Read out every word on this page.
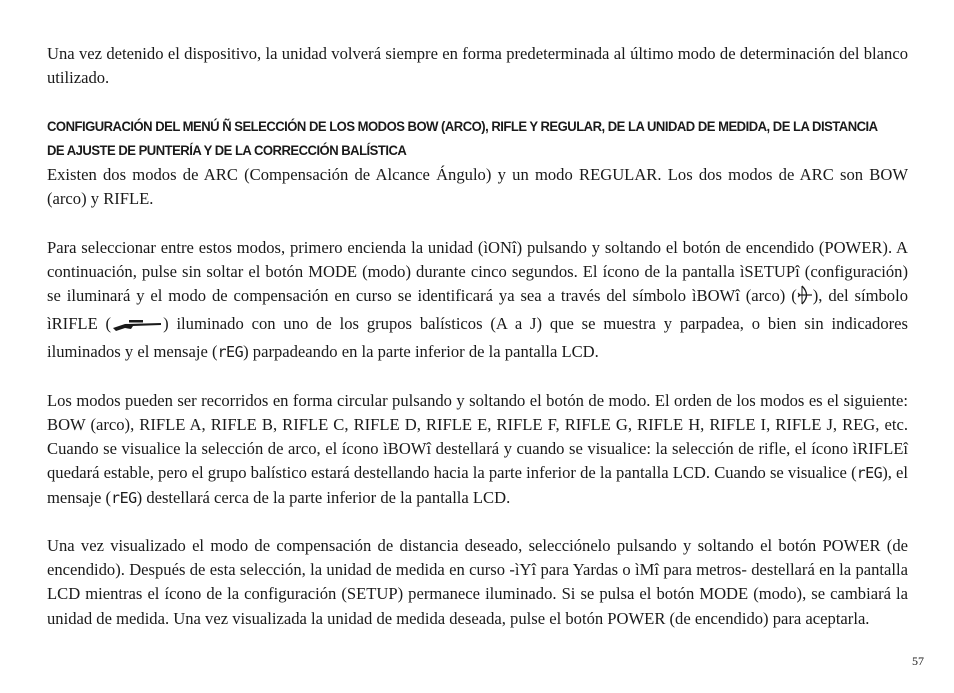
Una vez detenido el dispositivo, la unidad volverá siempre en forma predeterminada al último modo de determinación del blanco utilizado.

CONFIGURACIÓN DEL MENÚ Ñ SELECCIÓN DE LOS MODOS BOW (ARCO), RIFLE Y REGULAR, DE LA UNIDAD DE MEDIDA, DE LA DISTANCIA
DE AJUSTE DE PUNTERÍA Y DE LA CORRECCIÓN BALÍSTICA

Existen dos modos de ARC (Compensación de Alcance Ángulo) y un modo REGULAR. Los dos modos de ARC son BOW (arco) y RIFLE.

Para seleccionar entre estos modos, primero encienda la unidad (ìONî) pulsando y soltando el botón de encendido (POWER). A continuación, pulse sin soltar el botón MODE (modo) durante cinco segundos. El ícono de la pantalla ìSETUPî (configuración) se iluminará y el modo de compensación en curso se identificará ya sea a través del símbolo ìBOWî (arco) ( ), del símbolo ìRIFLE (	) iluminado con uno de los grupos balísticos (A a J) que se muestra y parpadea, o bien sin indicadores iluminados y el mensaje (rEG) parpadeando en la parte inferior de la pantalla LCD.

Los modos pueden ser recorridos en forma circular pulsando y soltando el botón de modo. El orden de los modos es el siguiente: BOW (arco), RIFLE A, RIFLE B, RIFLE C, RIFLE D, RIFLE E, RIFLE F, RIFLE G, RIFLE H, RIFLE I, RIFLE J, REG, etc. Cuando se visualice la selección de arco, el ícono ìBOWî destellará y cuando se visualice: la selección de rifle, el ícono ìRIFLEî quedará estable, pero el grupo balístico estará destellando hacia la parte inferior de la pantalla LCD. Cuando se visualice (rEG), el mensaje (rEG) destellará cerca de la parte inferior de la pantalla LCD.

Una vez visualizado el modo de compensación de distancia deseado, selecciónelo pulsando y soltando el botón POWER (de encendido). Después de esta selección, la unidad de medida en curso -ìYî para Yardas o ìMî para metros- destellará en la pantalla LCD mientras el ícono de la configuración (SETUP) permanece iluminado. Si se pulsa el botón MODE (modo), se cambiará la unidad de medida. Una vez visualizada la unidad de medida deseada, pulse el botón POWER (de encendido) para aceptarla.

57
